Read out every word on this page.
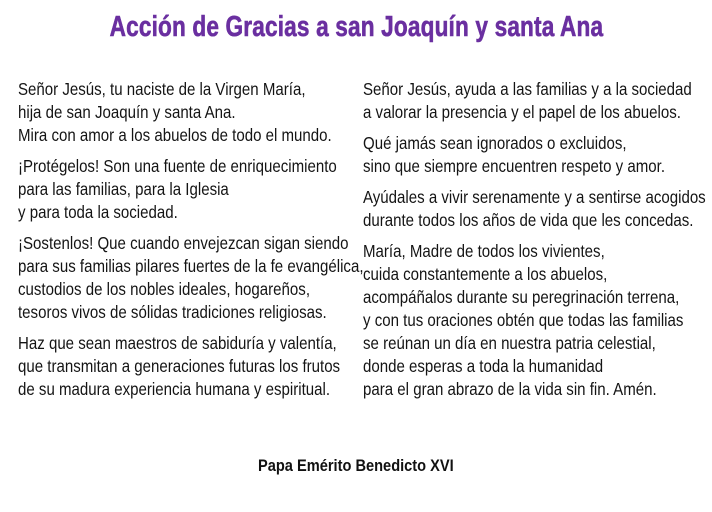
Acción de Gracias a san Joaquín y santa Ana

Señor Jesús, tu naciste de la Virgen María,
hija de san Joaquín y santa Ana.
Mira con amor a los abuelos de todo el mundo.

¡Protégelos! Son una fuente de enriquecimiento
para las familias, para la Iglesia
y para toda la sociedad.

¡Sostenlos! Que cuando envejezcan sigan siendo
para sus familias pilares fuertes de la fe evangélica,
custodios de los nobles ideales, hogareños,
tesoros vivos de sólidas tradiciones religiosas.

Haz que sean maestros de sabiduría y valentía,
que transmitan a generaciones futuras los frutos
de su madura experiencia humana y espiritual.

Señor Jesús, ayuda a las familias y a la sociedad
a valorar la presencia y el papel de los abuelos.

Qué jamás sean ignorados o excluidos,
sino que siempre encuentren respeto y amor.

Ayúdales a vivir serenamente y a sentirse acogidos
durante todos los años de vida que les concedas.

María, Madre de todos los vivientes,
cuida constantemente a los abuelos,
acompáñalos durante su peregrinación terrena,
y con tus oraciones obtén que todas las familias
se reúnan un día en nuestra patria celestial,
donde esperas a toda la humanidad
para el gran abrazo de la vida sin fin. Amén.

Papa Emérito Benedicto XVI
